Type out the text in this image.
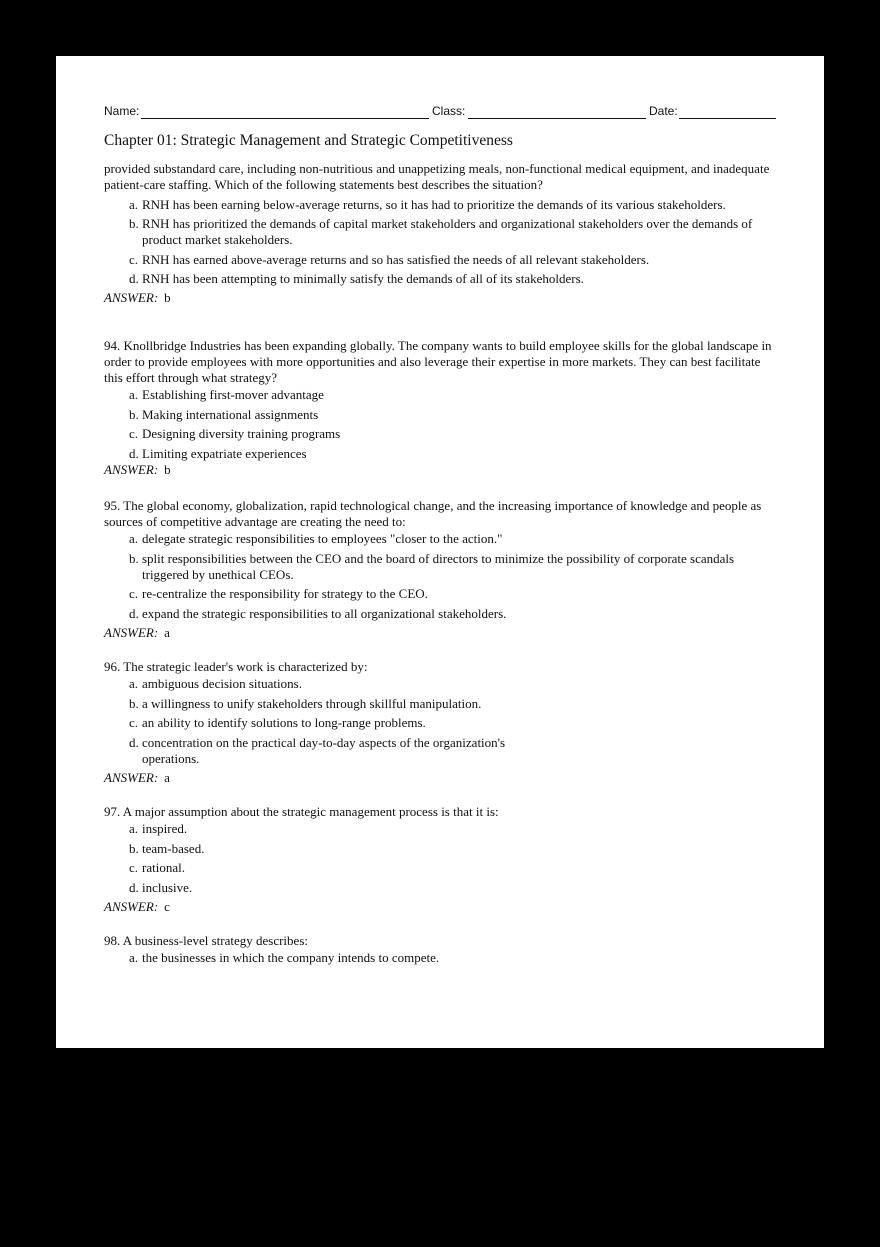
Name:	Class:	Date:
Chapter 01: Strategic Management and Strategic Competitiveness

provided substandard care, including non-nutritious and unappetizing meals, non-functional medical equipment, and inadequate patient-care staffing. Which of the following statements best describes the situation?

a. RNH has been earning below-average returns, so it has had to prioritize the demands of its various stakeholders.
b. RNH has prioritized the demands of capital market stakeholders and organizational stakeholders over the demands of product market stakeholders.
c. RNH has earned above-average returns and so has satisfied the needs of all relevant stakeholders.
d. RNH has been attempting to minimally satisfy the demands of all of its stakeholders.
ANSWER: b

94. Knollbridge Industries has been expanding globally. The company wants to build employee skills for the global landscape in order to provide employees with more opportunities and also leverage their expertise in more markets. They can best facilitate this effort through what strategy?

a. Establishing first-mover advantage
b. Making international assignments
c. Designing diversity training programs
d. Limiting expatriate experiences
ANSWER: b

95. The global economy, globalization, rapid technological change, and the increasing importance of knowledge and people as sources of competitive advantage are creating the need to:

a. delegate strategic responsibilities to employees "closer to the action."
b. split responsibilities between the CEO and the board of directors to minimize the possibility of corporate scandals triggered by unethical CEOs.
c. re-centralize the responsibility for strategy to the CEO.
d. expand the strategic responsibilities to all organizational stakeholders.
ANSWER: a

96. The strategic leader's work is characterized by:

a. ambiguous decision situations.
b. a willingness to unify stakeholders through skillful manipulation.
c. an ability to identify solutions to long-range problems.
d. concentration on the practical day-to-day aspects of the organization's operations.
ANSWER: a

97. A major assumption about the strategic management process is that it is:

a. inspired.
b. team-based.
c. rational.
d. inclusive.
ANSWER: c

98. A business-level strategy describes:

a. the businesses in which the company intends to compete.
